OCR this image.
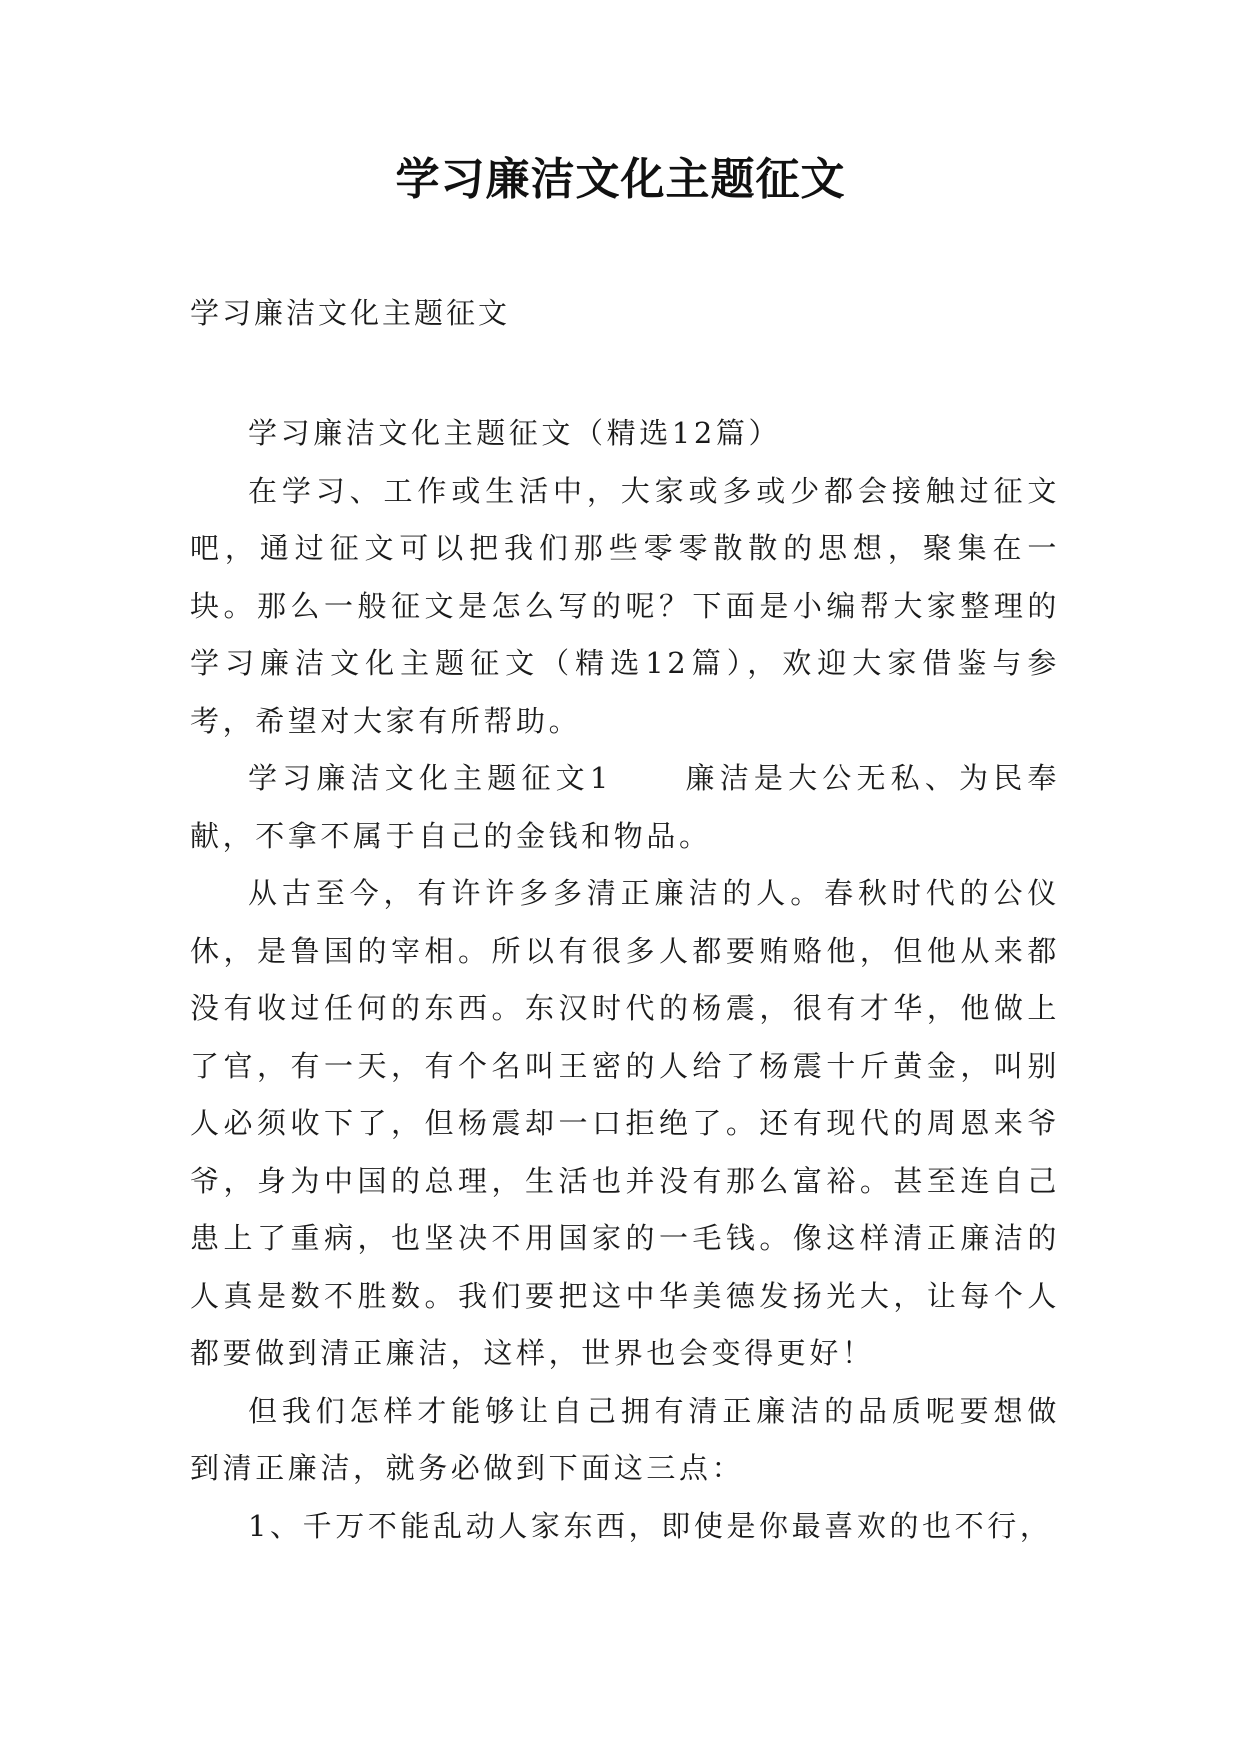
学习廉洁文化主题征文

学习廉洁文化主题征文

学习廉洁文化主题征文（精选12篇）

在学习、工作或生活中，大家或多或少都会接触过征文吧，通过征文可以把我们那些零零散散的思想，聚集在一块。那么一般征文是怎么写的呢？下面是小编帮大家整理的学习廉洁文化主题征文（精选12篇），欢迎大家借鉴与参考，希望对大家有所帮助。

学习廉洁文化主题征文1 廉洁是大公无私、为民奉献，不拿不属于自己的金钱和物品。

从古至今，有许许多多清正廉洁的人。春秋时代的公仪休，是鲁国的宰相。所以有很多人都要贿赂他，但他从来都没有收过任何的东西。东汉时代的杨震，很有才华，他做上了官，有一天，有个名叫王密的人给了杨震十斤黄金，叫别人必须收下了，但杨震却一口拒绝了。还有现代的周恩来爷爷，身为中国的总理，生活也并没有那么富裕。甚至连自己患上了重病，也坚决不用国家的一毛钱。像这样清正廉洁的人真是数不胜数。我们要把这中华美德发扬光大，让每个人都要做到清正廉洁，这样，世界也会变得更好！

但我们怎样才能够让自己拥有清正廉洁的品质呢要想做到清正廉洁，就务必做到下面这三点：

1、千万不能乱动人家东西，即使是你最喜欢的也不行，
